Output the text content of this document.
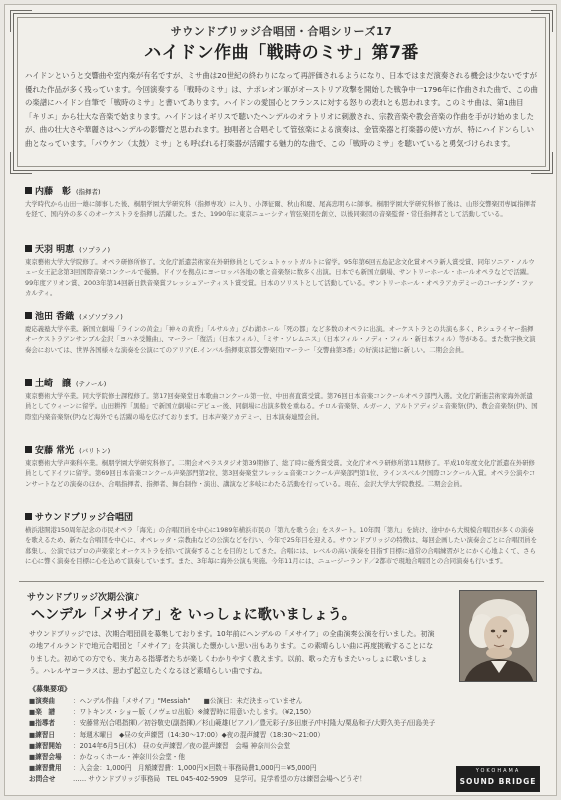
サウンドブリッジ合唱団・合唱シリーズ17
ハイドン作曲「戦時のミサ」第7番
ハイドンというと交響曲や室内楽が有名ですが、ミサ曲は20世紀の終わりになって再評価されるようになり、日本ではまだ演奏される機会は少ないですが優れた作品が多く残っています。今回演奏する「戦時のミサ」は、ナポレオン軍がオーストリア攻撃を開始した戦争中一1796年に作曲された曲で、この曲の楽譜にハイドン自筆で「戦時のミサ」と書いてあります。ハイドンの愛国心とフランスに対する怒りの表れとも思われます。このミサ曲は、第1曲目「キリエ」から壮大な音楽で始まります。ハイドンはイギリスで聴いたヘンデルのオラトリオに刺激され、宗教音楽や教会音楽の作曲を手がけ始めましたが、曲の壮大さや華麗さはヘンデルの影響だと思われます。独唱者と合唱そして管弦楽による演奏は、金管楽器と打楽器の使い方が、特にハイドンらしい曲となっています。「パウケン（太鼓）ミサ」とも呼ばれる打楽器が活躍する魅力的な曲で、この「戦時のミサ」を聴いていると勇気づけられます。
内藤　彰 (指揮者)
大学時代から山田一雄に師事した後、桐朋学園大学研究科（指揮専攻）に入り、小澤征爾、秋山和慶、尾高忠明らに師事。桐朋学園大学研究科修了後は、山形交響楽団専属指揮者を経て、国内外の多くのオーケストラを指揮し活躍した。また、1990年に東京ニューシティ管弦楽団を創立、以後同楽団の音楽監督・常任指揮者として活動している。
天羽 明恵 (ソプラノ)
東京藝術大学大学院修了。オペラ研修所修了。文化庁派遣芸術家在外研修員としてシュトゥットガルトに留学。95年第6回五島記念文化賞オペラ新人賞受賞、同年ソニア・ノルウェー女王記念第3回国際音楽コンクールで優勝。ドイツを拠点にヨーロッパ各地の歌と音楽祭に数多く出演。日本でも新国立劇場、サントリーホール・ホールオペラなどで活躍。99年度アリオン賞、2003年第14回新日鉄音楽賞フレッシュアーティスト賞受賞。日本のソリストとして活動している。サントリーホール・オペラアカデミーのコーチング・ファカルティ。
池田 香織 (メゾソプラノ)
慶応義塾大学卒業。新国立劇場「ラインの黄金」「神々の黄昏」「ルサルカ」びわ湖ホール「死の都」など多数のオペラに出演。オーケストラとの共演も多く、P.シュライヤー指揮オーケストラアンサンブル金沢「ヨハネ受難曲」、マーラー「復活」（日本フィル）、「ミサ・ソレムニス」（日本フィル・ノディ・フィル・新日本フィル）等がある。また数字換文演奏会においては、世界各国様々な演奏を公演にてのアリア(E.インバル指揮東京都交響楽団)マーラー「交響曲第3番」の好演は記憶に新しい。二期会会員。
土崎　譲 (テノール)
東京藝術大学卒業。同大学院修士課程修了。第17回奏楽堂日本歌曲コンクール第一位、中田喜直賞受賞。第76回日本音楽コンクールオペラ部門入選。文化庁新進芸術家海外派遣員としてウィーンに留学。山田耕筰「黒船」で新国立劇場にデビュー後、同劇場に出演多数を重ねる。チロル音楽祭、ルガーノ、アルトアディジェ音楽祭(伊)、教会音楽祭(伊)、国際室内楽音楽祭(伊)など海外でも活躍の場を広げております。日本声楽アカデミー、日本演奏連盟会員。
安藤 常光 (バリトン)
東京藝術大学声楽科卒業。桐朋学園大学研究科修了。二期会オペラスタジオ第39期修了、総了時に優秀賞受賞。文化庁オペラ研修所第11期修了。平成10年度文化庁派遣在外研修員としてドイツに留学。第69回日本音楽コンクール声楽部門第2位、第3回奏楽堂フレッシュ音楽コンクール声楽部門第1位、ラインスベルク国際コンクール入賞。オペラ公演やコンサートなどの演奏のほか、合唱指揮者、指揮者、舞台制作・演出、講演など多岐にわたる活動を行っている。現在、金沢大学大学院教授。二期会会員。
サウンドブリッジ合唱団
横浜港開港150周年記念の市民オペラ「海光」の合唱団員を中心に1989年横浜市民の「第九を歌う会」をスタート。10年間「第九」を続け、途中から大規模合唱団が多くの演奏を歌えるため、新たな合唱団を中心に、オペレッタ・宗教曲などの公演などを行い、今年で25年目を迎える。サウンドブリッジの特徴は、毎回企画したい演奏会ごとに合唱団員を募集し、公演ではプロの声楽家とオーケストラを招いて演奏することを目的としてきた。合唱には、レベルの高い演奏を目指す目標に通常の合唱練習がとにかく心地よくて、さらに心に響く演奏を目標に心を込めて演奏しています。また、3年毎に海外公演も実施。今年11月には、ニュージーランド／2都市で現地合唱団との合同演奏も行います。
サウンドブリッジ次期公演♪
ヘンデル「メサイア」を いっしょに歌いましょう。
サウンドブリッジでは、次期合唱団員を募集しております。10年前にヘンデルの「メサイア」の全曲演奏公演を行いました。初演の地アイルランドで地元合唱団と「メサイア」を共演した懐かしい思い出もあります。この素晴らしい曲に再度挑戦することになりました。初めての方でも、実力ある指導者たちが楽しくわかりやすく教えます。以前、歌った方もまたいっしょに歌いましょう。ハレルヤコーラスは、思わず起立したくなるほど素晴らしい曲ですね。
《募集要項》
■演奏曲	：ヘンデル作曲「メサイア」"Messiah"　　■公演日：未だ決まっていません
■楽　譜	：ワトキンス・ショー版（ノヴェロ出版）※練習時に用意いたします。（¥2,150）
■指導者	：安藤常光(合唱指揮)／初谷敬史(副指揮)／杉山範雄(ピアノ)／豊元彩子/多田康子/中村隆大/栗島和子/大野久美子/田島美子
■練習日	：毎週木曜日　◆昼の女声練習（14:30～17:00）◆夜の混声練習（18:30～21:00）
■練習開始 ：2014年6月5日(木)　昼の女声練習／夜の混声練習　会場 神奈川公会堂
■練習会場 ：かなっくホール・神奈川公会堂・他
■練習費用 ：入会金：1,000円　月額練習費：1,000円×回数＋事務局費1,000円＝¥5,000円
お問合せ	…… サウンドブリッジ事務局　TEL 045-402-5909　見学可。見学希望の方は練習会場へどうぞ！
YOKOHAMA
SOUND BRIDGE
